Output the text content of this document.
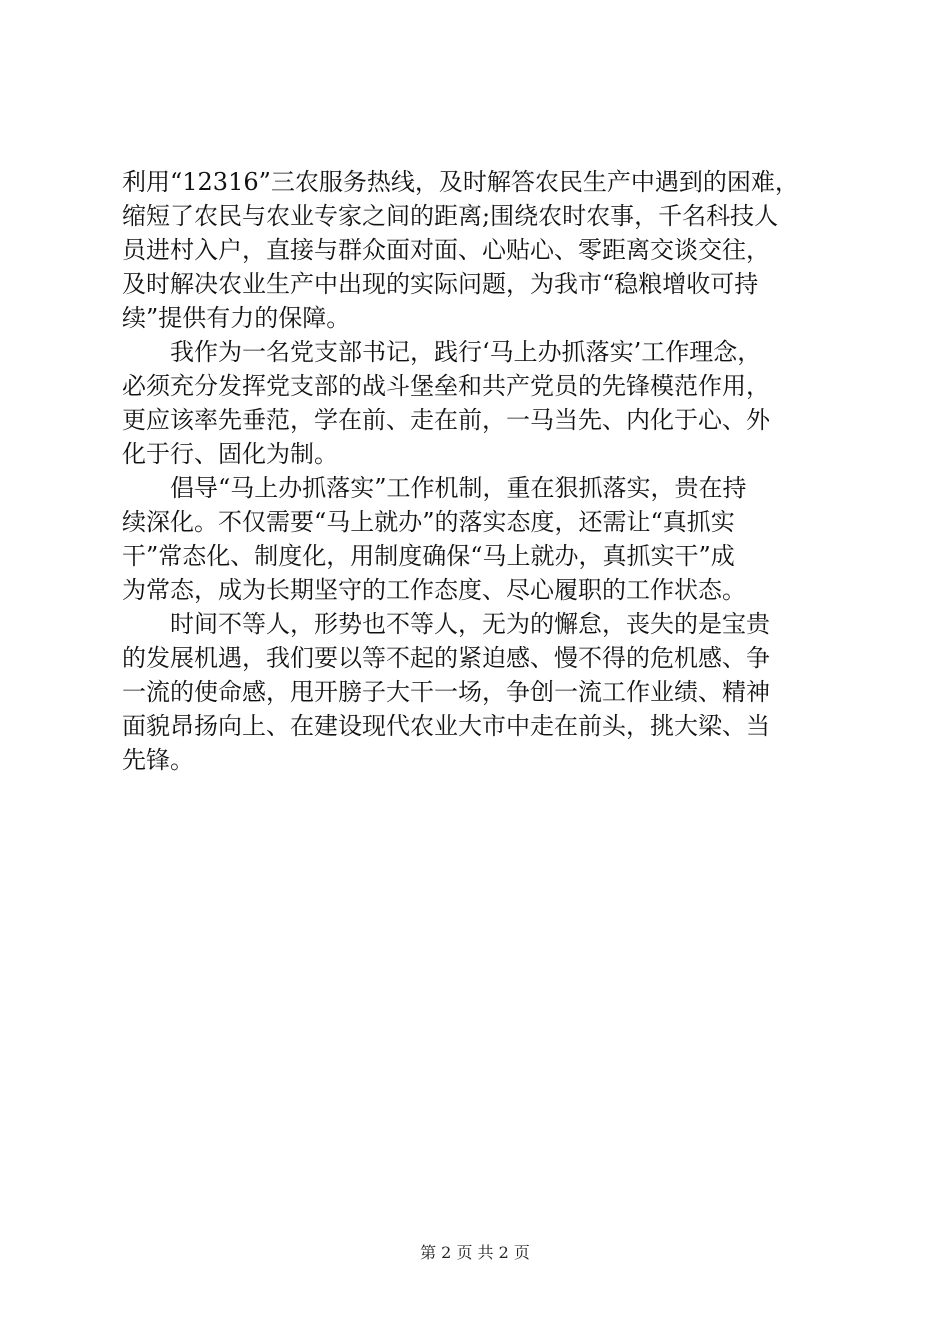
利用“12316”三农服务热线，及时解答农民生产中遇到的困难，
缩短了农民与农业专家之间的距离;围绕农时农事，千名科技人
员进村入户，直接与群众面对面、心贴心、零距离交谈交往，
及时解决农业生产中出现的实际问题，为我市“稳粮增收可持
续”提供有力的保障。
　　我作为一名党支部书记，践行‘马上办抓落实’工作理念，
必须充分发挥党支部的战斗堡垒和共产党员的先锋模范作用，
更应该率先垂范，学在前、走在前，一马当先、内化于心、外
化于行、固化为制。
　　倡导“马上办抓落实”工作机制，重在狠抓落实，贵在持
续深化。不仅需要“马上就办”的落实态度，还需让“真抓实
干”常态化、制度化，用制度确保“马上就办，真抓实干”成
为常态，成为长期坚守的工作态度、尽心履职的工作状态。
　　时间不等人，形势也不等人，无为的懈怠，丧失的是宝贵
的发展机遇，我们要以等不起的紧迫感、慢不得的危机感、争
一流的使命感，甩开膀子大干一场，争创一流工作业绩、精神
面貌昂扬向上、在建设现代农业大市中走在前头，挑大梁、当
先锋。
第 2 页 共 2 页
